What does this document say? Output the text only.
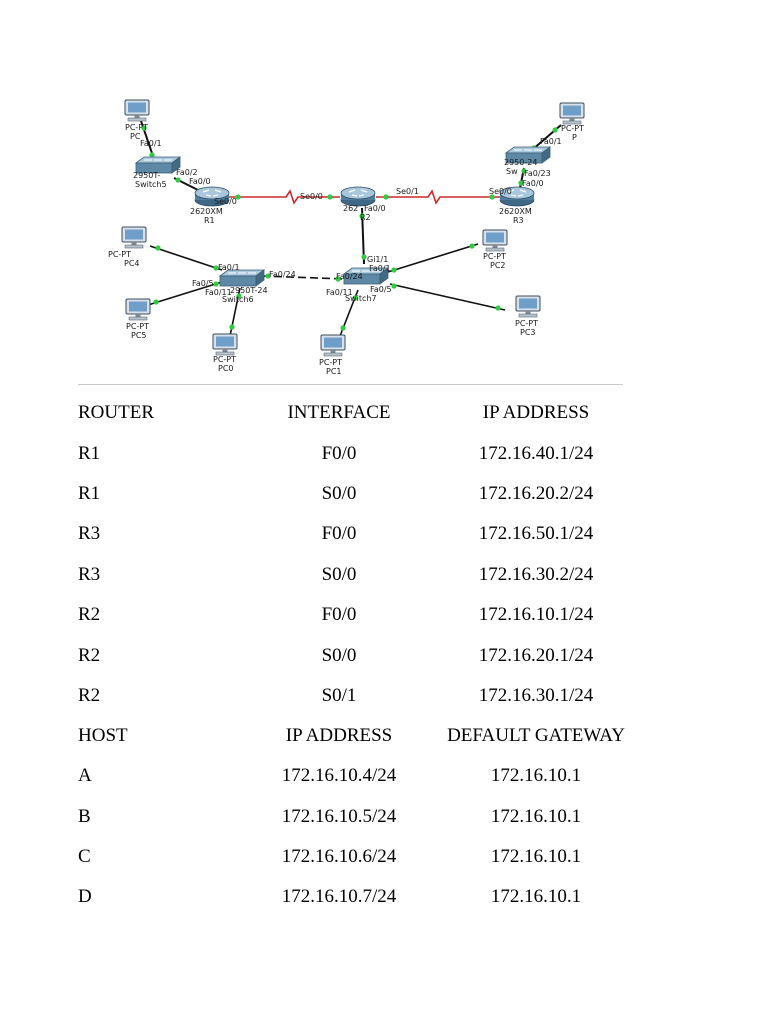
PC-PT
PC
PC-PT
P
2950T-
Switch5
2950-24
Sw
2620XM
R1
262
R2
2620XM
R3
2950T-24
Switch6	Switch7
PC-PT
PC4
PC-PT
PC5
PC-PT
PC0
PC-PT
PC1
PC-PT
PC2
PC-PT
PC3
Fa0/1
Fa0/2
Fa0/0
Se0/0
Se0/0
Fa0/0
Se0/1	Se0/0
Fa0/0
Fa0/23
Fa0/1
Gi1/1
Fa0/1
Fa0/24
Fa0/5
Fa0/11
Fa0/1
Fa0/24
Fa0/5
Fa0/11
ROUTER	INTERFACE	IP ADDRESS
R1	F0/0	172.16.40.1/24
R1	S0/0	172.16.20.2/24
R3	F0/0	172.16.50.1/24
R3	S0/0	172.16.30.2/24
R2	F0/0	172.16.10.1/24
R2	S0/0	172.16.20.1/24
R2	S0/1	172.16.30.1/24
HOST	IP ADDRESS	DEFAULT GATEWAY
A	172.16.10.4/24	172.16.10.1
B	172.16.10.5/24	172.16.10.1
C	172.16.10.6/24	172.16.10.1
D	172.16.10.7/24	172.16.10.1
